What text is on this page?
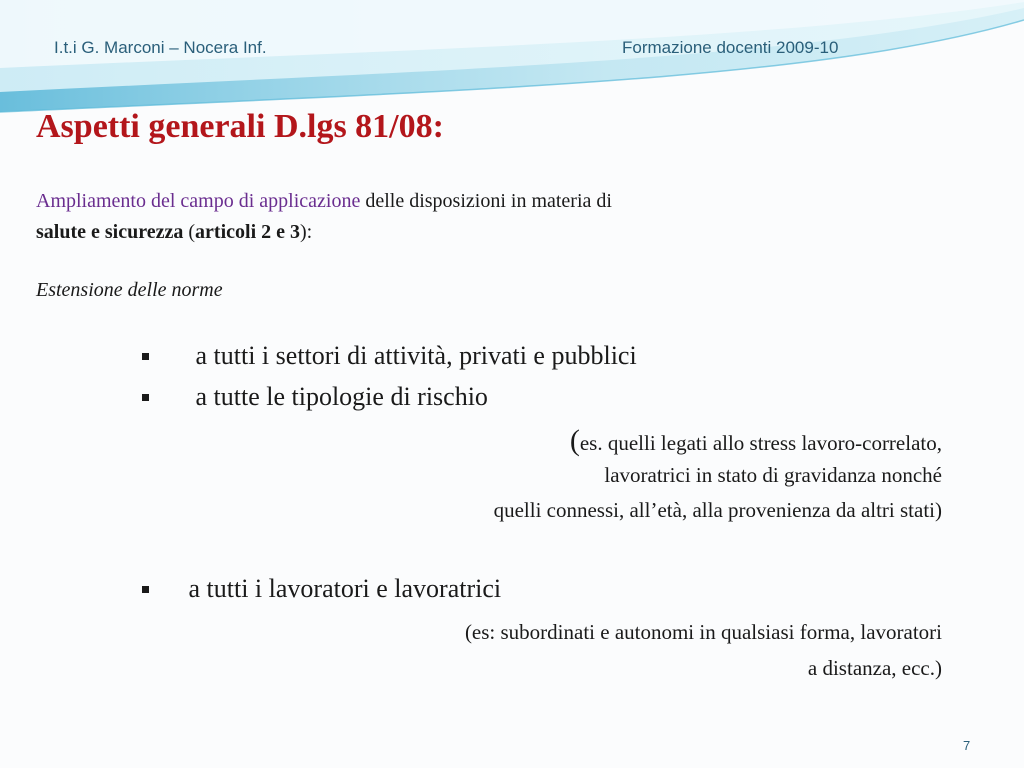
I.t.i G. Marconi – Nocera Inf.	Formazione docenti 2009-10
Aspetti generali D.lgs 81/08:
Ampliamento del campo di applicazione delle disposizioni in materia di
salute e sicurezza (articoli 2 e 3):
Estensione delle norme
a tutti i settori di attività, privati e pubblici
a tutte le tipologie di rischio
(es. quelli legati allo stress lavoro-correlato,
lavoratrici in stato di gravidanza nonché
quelli connessi, all’età, alla provenienza da altri stati)
a tutti i lavoratori e lavoratrici
(es: subordinati e autonomi in qualsiasi forma, lavoratori
a distanza, ecc.)
7
